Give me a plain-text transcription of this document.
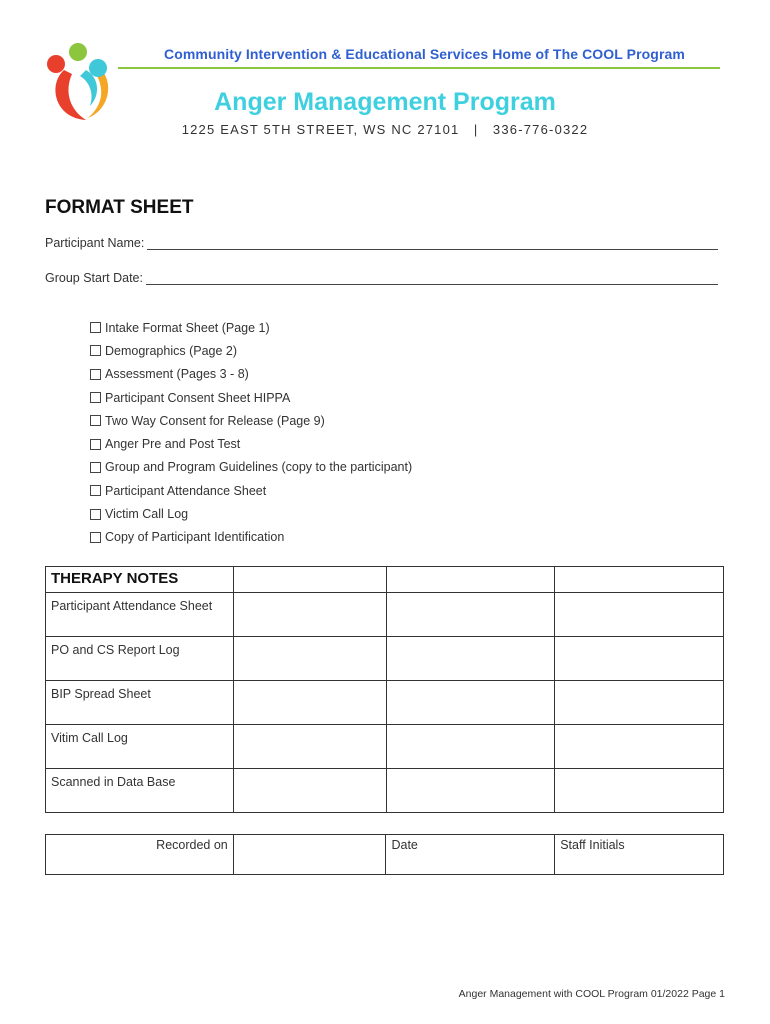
Community Intervention & Educational Services Home of The COOL Program
Anger Management Program
1225 EAST 5TH STREET, WS NC 27101   |   336-776-0322
FORMAT SHEET
Participant Name:
Group Start Date:
Intake Format Sheet (Page 1)
Demographics (Page 2)
Assessment (Pages 3 - 8)
Participant Consent Sheet HIPPA
Two Way Consent for Release (Page 9)
Anger Pre and Post Test
Group and Program Guidelines (copy to the participant)
Participant Attendance Sheet
Victim Call Log
Copy of Participant Identification
THERAPY NOTES			
Participant Attendance Sheet			
PO and CS Report Log			
BIP Spread Sheet			
Vitim Call Log			
Scanned in Data Base			
Recorded on		Date	Staff Initials
Anger Management with COOL Program 01/2022 Page 1
